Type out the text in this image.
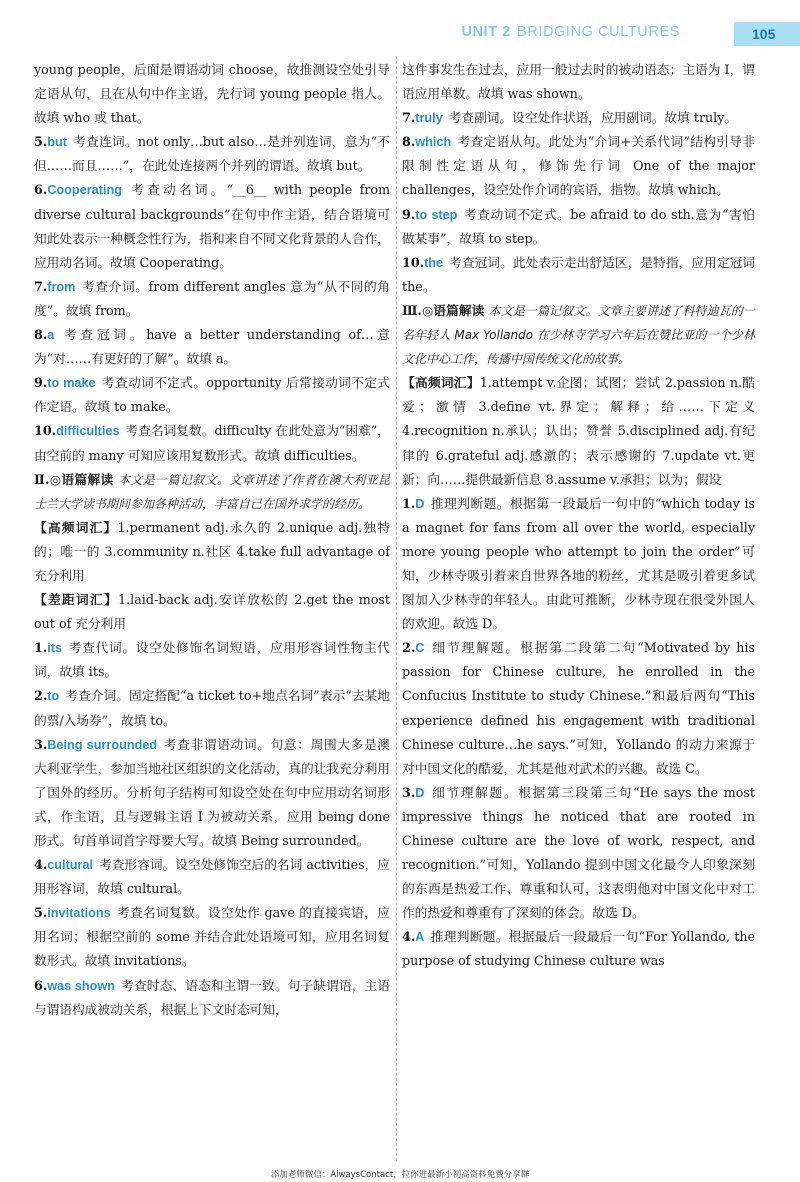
UNIT 2 BRIDGING CULTURES	105

young people，后面是谓语动词 choose，故推测设空处引导定语从句，且在从句中作主语，先行词 young people 指人。故填 who 或 that。

5.but 考查连词。not only…but also…是并列连词，意为“不但……而且……”，在此处连接两个并列的谓语。故填 but。

6.Cooperating 考查动名词。“__6__ with people from diverse cultural backgrounds”在句中作主语，结合语境可知此处表示一种概念性行为，指和来自不同文化背景的人合作，应用动名词。故填 Cooperating。

7.from 考查介词。from different angles 意为“从不同的角度”。故填 from。

8.a 考查冠词。have a better understanding of…意为“对……有更好的了解”。故填 a。

9.to make 考查动词不定式。opportunity 后常接动词不定式作定语。故填 to make。

10.difficulties 考查名词复数。difficulty 在此处意为“困难”，由空前的 many 可知应该用复数形式。故填 difficulties。

Ⅱ.◎语篇解读 本文是一篇记叙文。文章讲述了作者在澳大利亚昆士兰大学读书期间参加各种活动，丰富自己在国外求学的经历。

【高频词汇】1.permanent adj.永久的 2.unique adj.独特的；唯一的 3.community n.社区 4.take full advantage of 充分利用

【差距词汇】1.laid-back adj.安详放松的 2.get the most out of 充分利用

1.its 考查代词。设空处修饰名词短语，应用形容词性物主代词，故填 its。

2.to 考查介词。固定搭配“a ticket to+地点名词”表示“去某地的票/入场券”，故填 to。

3.Being surrounded 考查非谓语动词。句意：周围大多是澳大利亚学生，参加当地社区组织的文化活动，真的让我充分利用了国外的经历。分析句子结构可知设空处在句中应用动名词形式，作主语，且与逻辑主语 I 为被动关系，应用 being done 形式。句首单词首字母要大写。故填 Being surrounded。

4.cultural 考查形容词。设空处修饰空后的名词 activities，应用形容词，故填 cultural。

5.invitations 考查名词复数。设空处作 gave 的直接宾语，应用名词；根据空前的 some 并结合此处语境可知，应用名词复数形式。故填 invitations。

6.was shown 考查时态、语态和主谓一致。句子缺谓语，主语与谓语构成被动关系，根据上下文时态可知，

这件事发生在过去，应用一般过去时的被动语态；主语为 I，谓语应用单数。故填 was shown。

7.truly 考查副词。设空处作状语，应用副词。故填 truly。

8.which 考查定语从句。此处为“介词+关系代词”结构引导非限制性定语从句，修饰先行词 One of the major challenges，设空处作介词的宾语，指物。故填 which。

9.to step 考查动词不定式。be afraid to do sth.意为“害怕做某事”，故填 to step。

10.the 考查冠词。此处表示走出舒适区，是特指，应用定冠词 the。

Ⅲ.◎语篇解读 本文是一篇记叙文。文章主要讲述了科特迪瓦的一名年轻人 Max Yollando 在少林寺学习六年后在赞比亚的一个少林文化中心工作，传播中国传统文化的故事。

【高频词汇】1.attempt v.企图；试图；尝试 2.passion n.酷爱；激情 3.define vt.界定；解释；给……下定义 4.recognition n.承认；认出；赞誉 5.disciplined adj.有纪律的 6.grateful adj.感激的；表示感谢的 7.update vt.更新；向……提供最新信息 8.assume v.承担；以为；假设

1.D 推理判断题。根据第一段最后一句中的“which today is a magnet for fans from all over the world, especially more young people who attempt to join the order”可知，少林寺吸引着来自世界各地的粉丝，尤其是吸引着更多试图加入少林寺的年轻人。由此可推断，少林寺现在很受外国人的欢迎。故选 D。

2.C 细节理解题。根据第二段第二句“Motivated by his passion for Chinese culture, he enrolled in the Confucius Institute to study Chinese.”和最后两句“This experience defined his engagement with traditional Chinese culture…he says.”可知，Yollando 的动力来源于对中国文化的酷爱，尤其是他对武术的兴趣。故选 C。

3.D 细节理解题。根据第三段第三句“He says the most impressive things he noticed that are rooted in Chinese culture are the love of work, respect, and recognition.”可知，Yollando 提到中国文化最令人印象深刻的东西是热爱工作、尊重和认可，这表明他对中国文化中对工作的热爱和尊重有了深刻的体会。故选 D。

4.A 推理判断题。根据最后一段最后一句“For Yollando, the purpose of studying Chinese culture was

添加老师微信：AlwaysContact，拉你进最新小初高资料免费分享群
